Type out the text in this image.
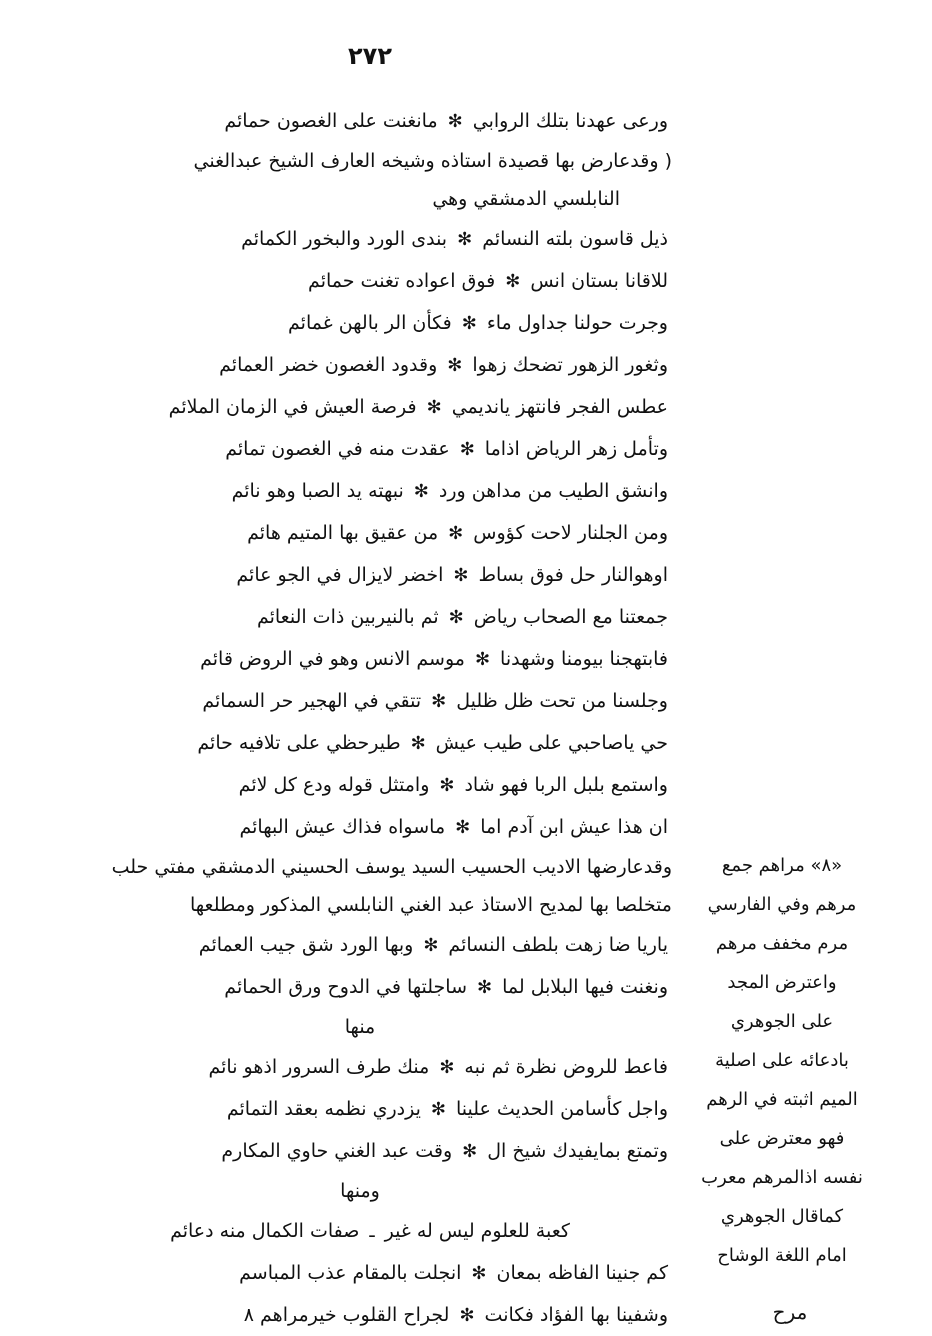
٢٧٢
ورعى عهدنا بتلك الروابي
✻
مانغنت على الغصون حمائم
( وقدعارض بها قصيدة استاذه وشيخه العارف الشيخ عبدالغني
النابلسي الدمشقي وهي
ذيل قاسون بلته النسائم
✻
بندى الورد والبخور الكمائم
للاقانا بستان انس
✻
فوق اعواده تغنت حمائم
وجرت حولنا جداول ماء
✻
فكأن الر بالهن غمائم
وثغور الزهور تضحك زهوا
✻
وقدود الغصون خضر العمائم
عطس الفجر فانتهز يانديمي
✻
فرصة العيش في الزمان الملائم
وتأمل زهر الرياض اذاما
✻
عقدت منه في الغصون تمائم
وانشق الطيب من مداهن ورد
✻
نبهته يد الصبا وهو نائم
ومن الجلنار لاحت كؤوس
✻
من عقيق بها المتيم هائم
اوهوالنار حل فوق بساط
✻
اخضر لايزال في الجو عائم
جمعتنا مع الصحاب رياض
✻
ثم بالنيربين ذات النعائم
فابتهجنا بيومنا وشهدنا
✻
موسم الانس وهو في الروض قائم
وجلسنا من تحت ظل ظليل
✻
تتقي في الهجير حر السمائم
حي ياصاحبي على طيب عيش
✻
طيرحظي على تلافيه حائم
واستمع بلبل الربا فهو شاد
✻
وامتثل قوله ودع كل لائم
ان هذا عيش ابن آدم اما
✻
ماسواه فذاك عيش البهائم
وقدعارضها الاديب الحسيب السيد يوسف الحسيني الدمشقي مفتي حلب
متخلصا بها لمديح الاستاذ عبد الغني النابلسي المذكور ومطلعها
ياريا ضا زهت بلطف النسائم
✻
وبها الورد شق جيب العمائم
ونغنت فيها البلابل لما
✻
ساجلتها في الدوح ورق الحمائم
منها
فاعط للروض نظرة ثم نبه
✻
منك طرف السرور اذهو نائم
واجل كأسامن الحديث علينا
✻
يزدري نظمه بعقد التمائم
وتمتع بمايفيدك شيخ ال
✻
وقت عبد الغني حاوي المكارم
ومنها
كعبة للعلوم ليس له غير
ـ
صفات الكمال منه دعائم
كم جنينا الفاظه بمعان
✻
انجلت بالمقام عذب المباسم
وشفينا بها الفؤاد فكانت
✻
لجراح القلوب خيرمراهم ٨
«٨» مراهم جمع
مرهم وفي الفارسي
مرم مخفف مرهم
واعترض المجد
على الجوهري
بادعائه على اصلية
الميم اثبته في الرهم
فهو معترض على
نفسه اذالمرهم معرب
كماقال الجوهري
امام اللغة الوشاح
مرح
